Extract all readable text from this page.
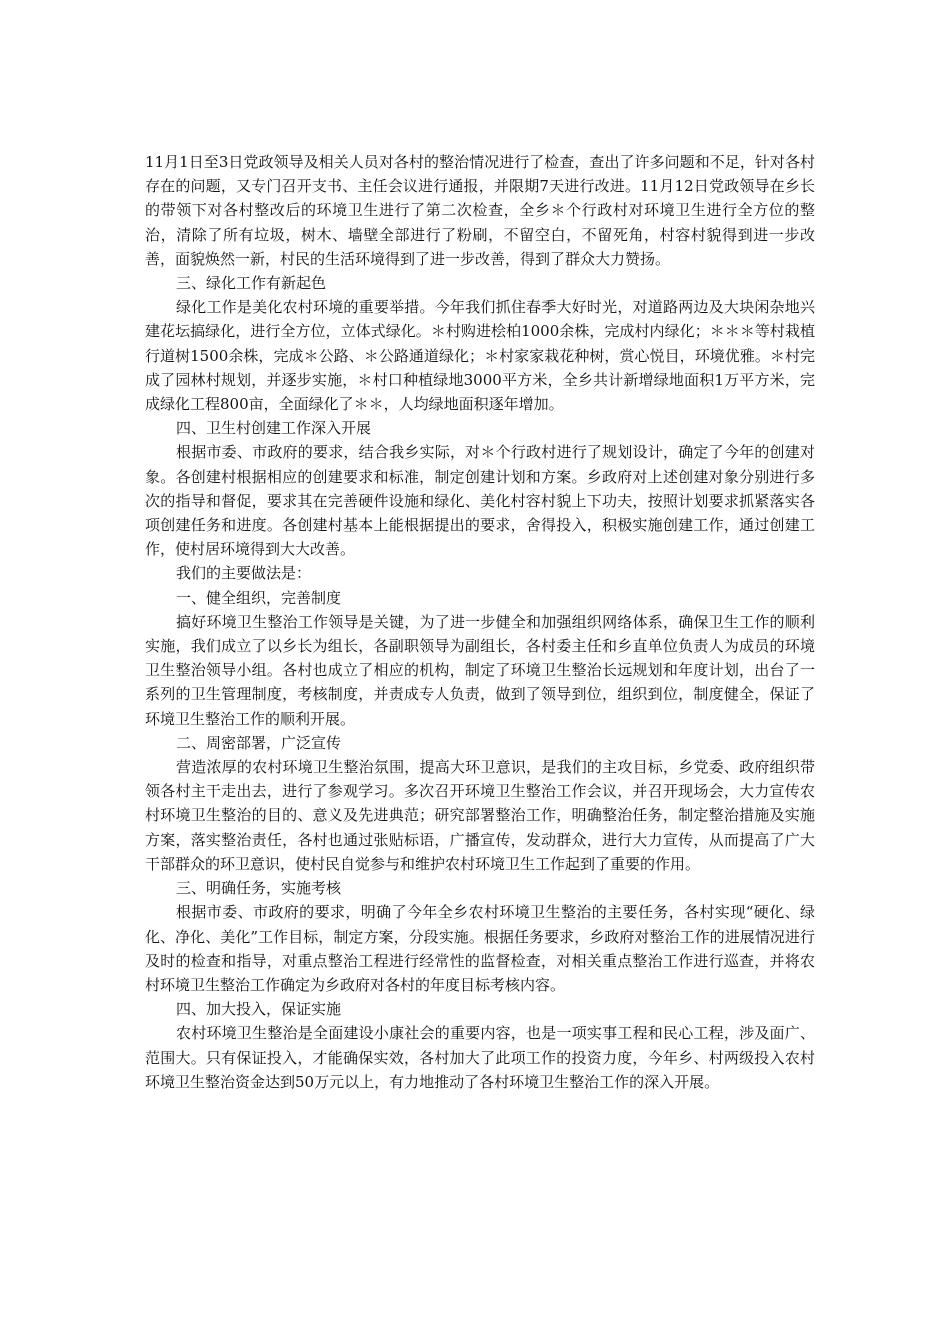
11月1日至3日党政领导及相关人员对各村的整治情况进行了检查，查出了许多问题和不足，针对各村存在的问题，又专门召开支书、主任会议进行通报，并限期7天进行改进。11月12日党政领导在乡长的带领下对各村整改后的环境卫生进行了第二次检查，全乡＊个行政村对环境卫生进行全方位的整治，清除了所有垃圾，树木、墙壁全部进行了粉刷，不留空白，不留死角，村容村貌得到进一步改善，面貌焕然一新，村民的生活环境得到了进一步改善，得到了群众大力赞扬。

三、绿化工作有新起色

绿化工作是美化农村环境的重要举措。今年我们抓住春季大好时光，对道路两边及大块闲杂地兴建花坛搞绿化，进行全方位，立体式绿化。＊村购进桧柏1000余株，完成村内绿化；＊＊＊等村栽植行道树1500余株，完成＊公路、＊公路通道绿化；＊村家家栽花种树，赏心悦目，环境优雅。＊村完成了园林村规划，并逐步实施，＊村口种植绿地3000平方米，全乡共计新增绿地面积1万平方米，完成绿化工程800亩，全面绿化了＊＊，人均绿地面积逐年增加。

四、卫生村创建工作深入开展

根据市委、市政府的要求，结合我乡实际，对＊个行政村进行了规划设计，确定了今年的创建对象。各创建村根据相应的创建要求和标准，制定创建计划和方案。乡政府对上述创建对象分别进行多次的指导和督促，要求其在完善硬件设施和绿化、美化村容村貌上下功夫，按照计划要求抓紧落实各项创建任务和进度。各创建村基本上能根据提出的要求，舍得投入，积极实施创建工作，通过创建工作，使村居环境得到大大改善。

我们的主要做法是：

一、健全组织，完善制度

搞好环境卫生整治工作领导是关键，为了进一步健全和加强组织网络体系，确保卫生工作的顺利实施，我们成立了以乡长为组长，各副职领导为副组长，各村委主任和乡直单位负责人为成员的环境卫生整治领导小组。各村也成立了相应的机构，制定了环境卫生整治长远规划和年度计划，出台了一系列的卫生管理制度，考核制度，并责成专人负责，做到了领导到位，组织到位，制度健全，保证了环境卫生整治工作的顺利开展。

二、周密部署，广泛宣传

营造浓厚的农村环境卫生整治氛围，提高大环卫意识，是我们的主攻目标，乡党委、政府组织带领各村主干走出去，进行了参观学习。多次召开环境卫生整治工作会议，并召开现场会，大力宣传农村环境卫生整治的目的、意义及先进典范；研究部署整治工作，明确整治任务，制定整治措施及实施方案，落实整治责任，各村也通过张贴标语，广播宣传，发动群众，进行大力宣传，从而提高了广大干部群众的环卫意识，使村民自觉参与和维护农村环境卫生工作起到了重要的作用。

三、明确任务，实施考核

根据市委、市政府的要求，明确了今年全乡农村环境卫生整治的主要任务，各村实现“硬化、绿化、净化、美化”工作目标，制定方案，分段实施。根据任务要求，乡政府对整治工作的进展情况进行及时的检查和指导，对重点整治工程进行经常性的监督检查，对相关重点整治工作进行巡查，并将农村环境卫生整治工作确定为乡政府对各村的年度目标考核内容。

四、加大投入，保证实施

农村环境卫生整治是全面建设小康社会的重要内容，也是一项实事工程和民心工程，涉及面广、范围大。只有保证投入，才能确保实效，各村加大了此项工作的投资力度，今年乡、村两级投入农村环境卫生整治资金达到50万元以上，有力地推动了各村环境卫生整治工作的深入开展。
